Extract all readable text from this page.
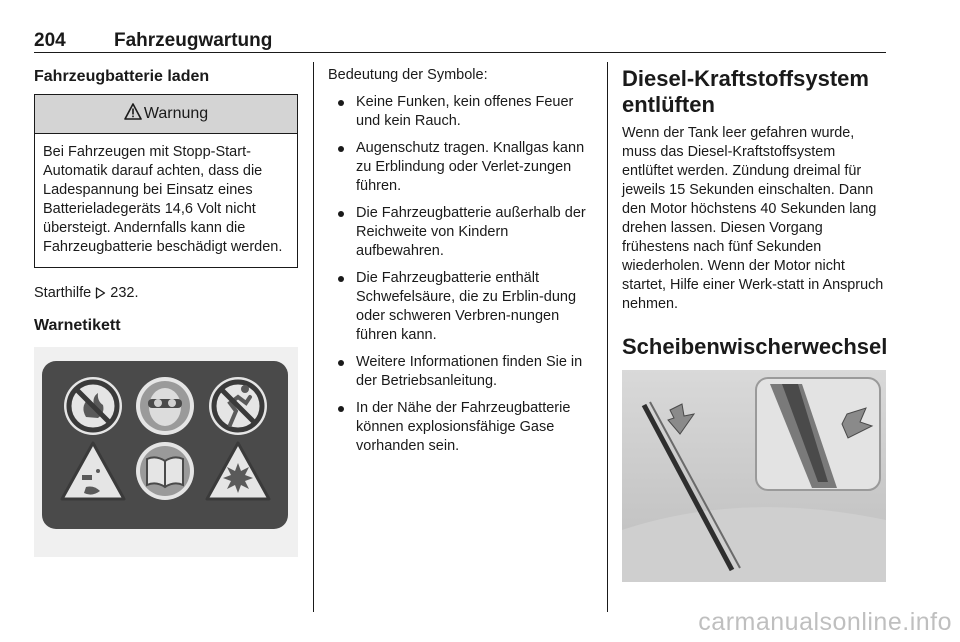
204	Fahrzeugwartung
Fahrzeugbatterie laden
Warnung
Bei Fahrzeugen mit Stopp-Start-Automatik darauf achten, dass die Ladespannung bei Einsatz eines Batterieladegeräts 14,6 Volt nicht übersteigt. Andernfalls kann die Fahrzeugbatterie beschädigt werden.
Starthilfe 232.
Warnetikett
Bedeutung der Symbole:
Keine Funken, kein offenes Feuer und kein Rauch.
Augenschutz tragen. Knallgas kann zu Erblindung oder Verlet-zungen führen.
Die Fahrzeugbatterie außerhalb der Reichweite von Kindern aufbewahren.
Die Fahrzeugbatterie enthält Schwefelsäure, die zu Erblin-dung oder schweren Verbren-nungen führen kann.
Weitere Informationen finden Sie in der Betriebsanleitung.
In der Nähe der Fahrzeugbatterie können explosionsfähige Gase vorhanden sein.
Diesel-Kraftstoffsystem entlüften
Wenn der Tank leer gefahren wurde, muss das Diesel-Kraftstoffsystem entlüftet werden. Zündung dreimal für jeweils 15 Sekunden einschalten. Dann den Motor höchstens 40 Sekunden lang drehen lassen. Diesen Vorgang frühestens nach fünf Sekunden wiederholen. Wenn der Motor nicht startet, Hilfe einer Werk-statt in Anspruch nehmen.
Scheibenwischerwechsel
carmanualsonline.info
